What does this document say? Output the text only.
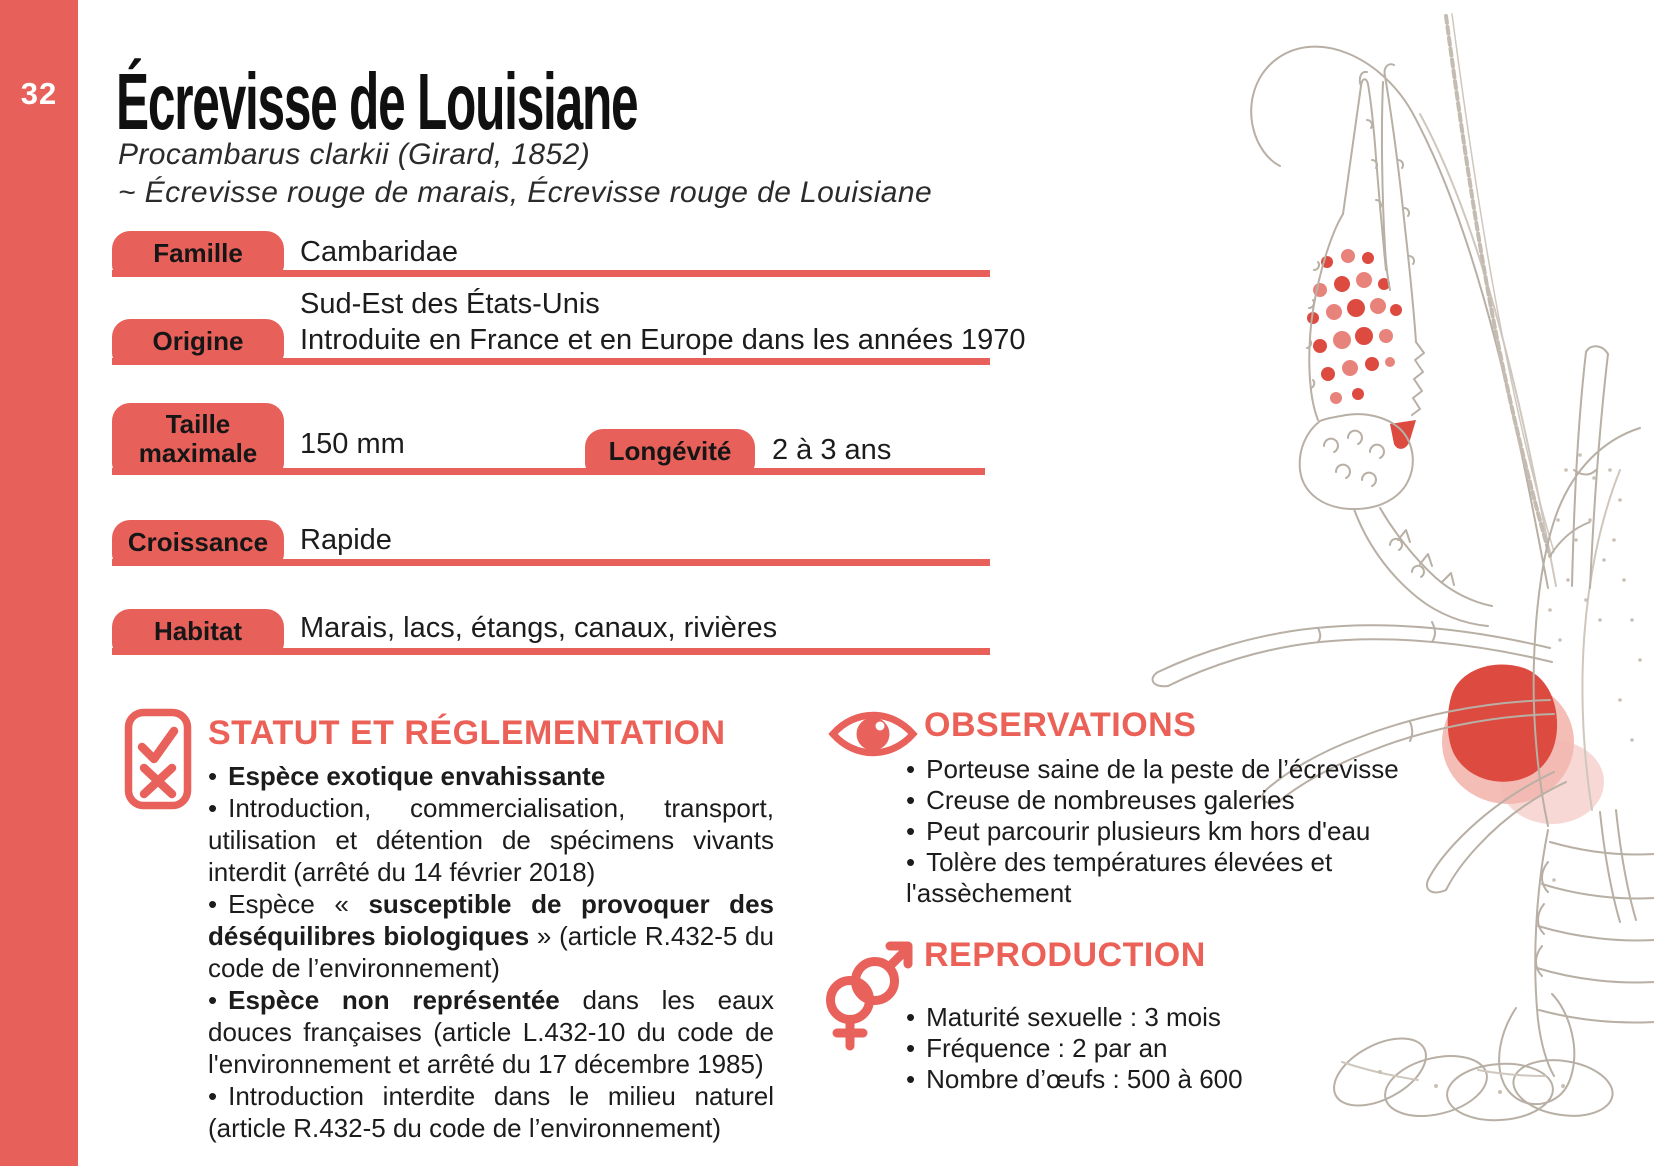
32 Écrevisse de Louisiane
Procambarus clarkii (Girard, 1852)
~ Écrevisse rouge de marais, Écrevisse rouge de Louisiane
Famille Cambaridae
Origine
Sud-Est des États-Unis
Introduite en France et en Europe dans les années 1970
Taille
maximale 150 mm	Longévité 2 à 3 ans
Croissance Rapide
Habitat Marais, lacs, étangs, canaux, rivières
STATUT ET RÉGLEMENTATION
• Espèce exotique envahissante
• Introduction, commercialisation, transport, utilisation et détention de spécimens vivants interdit (arrêté du 14 février 2018)
• Espèce « susceptible de provoquer des déséquilibres biologiques » (article R.432-5 du code de l’environnement)
• Espèce non représentée dans les eaux douces françaises (article L.432-10 du code de l'environnement et arrêté du 17 décembre 1985)
• Introduction interdite dans le milieu naturel (article R.432-5 du code de l’environnement)
OBSERVATIONS
• Porteuse saine de la peste de l’écrevisse
• Creuse de nombreuses galeries
• Peut parcourir plusieurs km hors d'eau
• Tolère des températures élevées et l'assèchement
REPRODUCTION
• Maturité sexuelle : 3 mois
• Fréquence : 2 par an
• Nombre d’œufs : 500 à 600
